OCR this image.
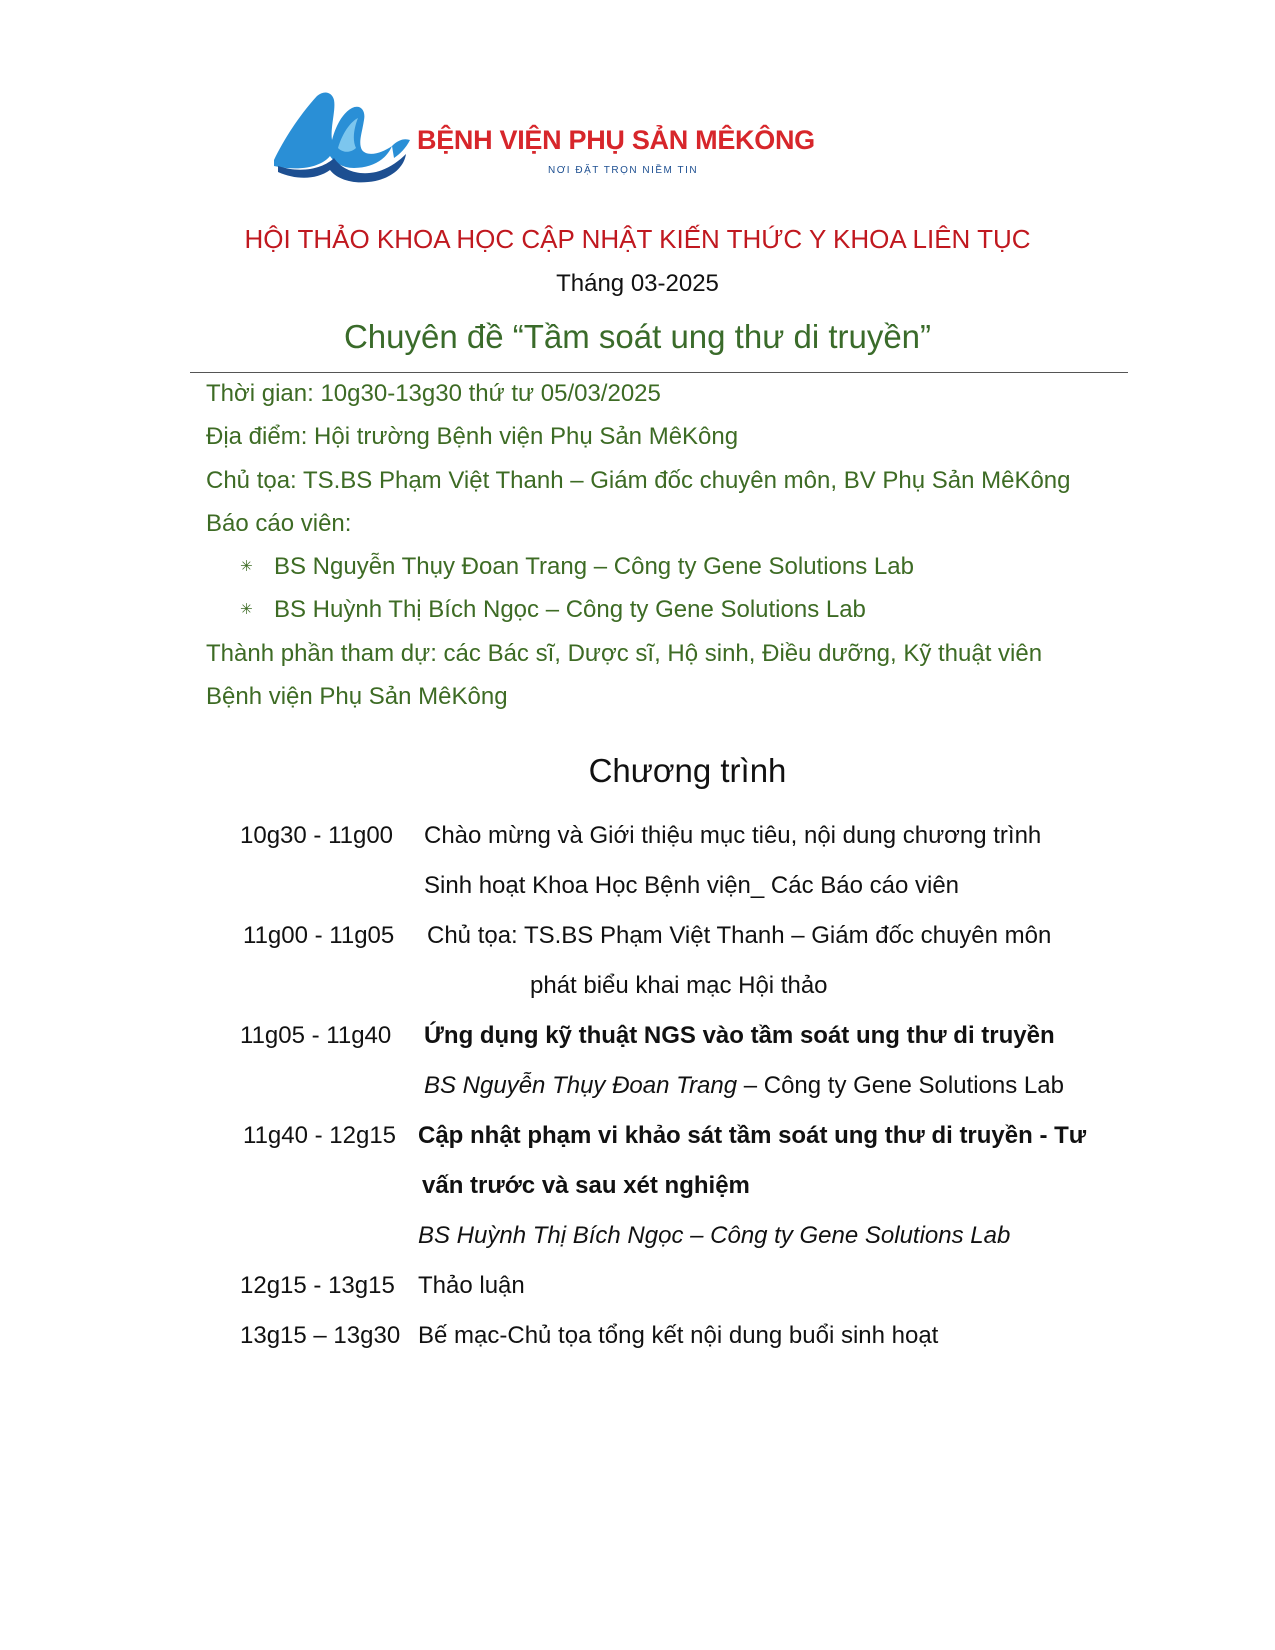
BỆNH VIỆN PHỤ SẢN MÊKÔNG
NƠI ĐẶT TRỌN NIỀM TIN
HỘI THẢO KHOA HỌC CẬP NHẬT KIẾN THỨC Y KHOA LIÊN TỤC
Tháng 03-2025
Chuyên đề “Tầm soát ung thư di truyền”
Thời gian: 10g30-13g30 thứ tư 05/03/2025
Địa điểm: Hội trường Bệnh viện Phụ Sản MêKông
Chủ tọa: TS.BS Phạm Việt Thanh – Giám đốc chuyên môn, BV Phụ Sản MêKông
Báo cáo viên:
✳ BS Nguyễn Thụy Đoan Trang – Công ty Gene Solutions Lab
✳ BS Huỳnh Thị Bích Ngọc – Công ty Gene Solutions Lab
Thành phần tham dự: các Bác sĩ, Dược sĩ, Hộ sinh, Điều dưỡng, Kỹ thuật viên
Bệnh viện Phụ Sản MêKông
Chương trình
10g30 - 11g00 Chào mừng và Giới thiệu mục tiêu, nội dung chương trình
Sinh hoạt Khoa Học Bệnh viện_ Các Báo cáo viên
11g00 - 11g05 Chủ tọa: TS.BS Phạm Việt Thanh – Giám đốc chuyên môn
phát biểu khai mạc Hội thảo
11g05 - 11g40 Ứng dụng kỹ thuật NGS vào tầm soát ung thư di truyền
BS Nguyễn Thụy Đoan Trang – Công ty Gene Solutions Lab
11g40 - 12g15 Cập nhật phạm vi khảo sát tầm soát ung thư di truyền - Tư
vấn trước và sau xét nghiệm
BS Huỳnh Thị Bích Ngọc – Công ty Gene Solutions Lab
12g15 - 13g15 Thảo luận
13g15 – 13g30 Bế mạc-Chủ tọa tổng kết nội dung buổi sinh hoạt
